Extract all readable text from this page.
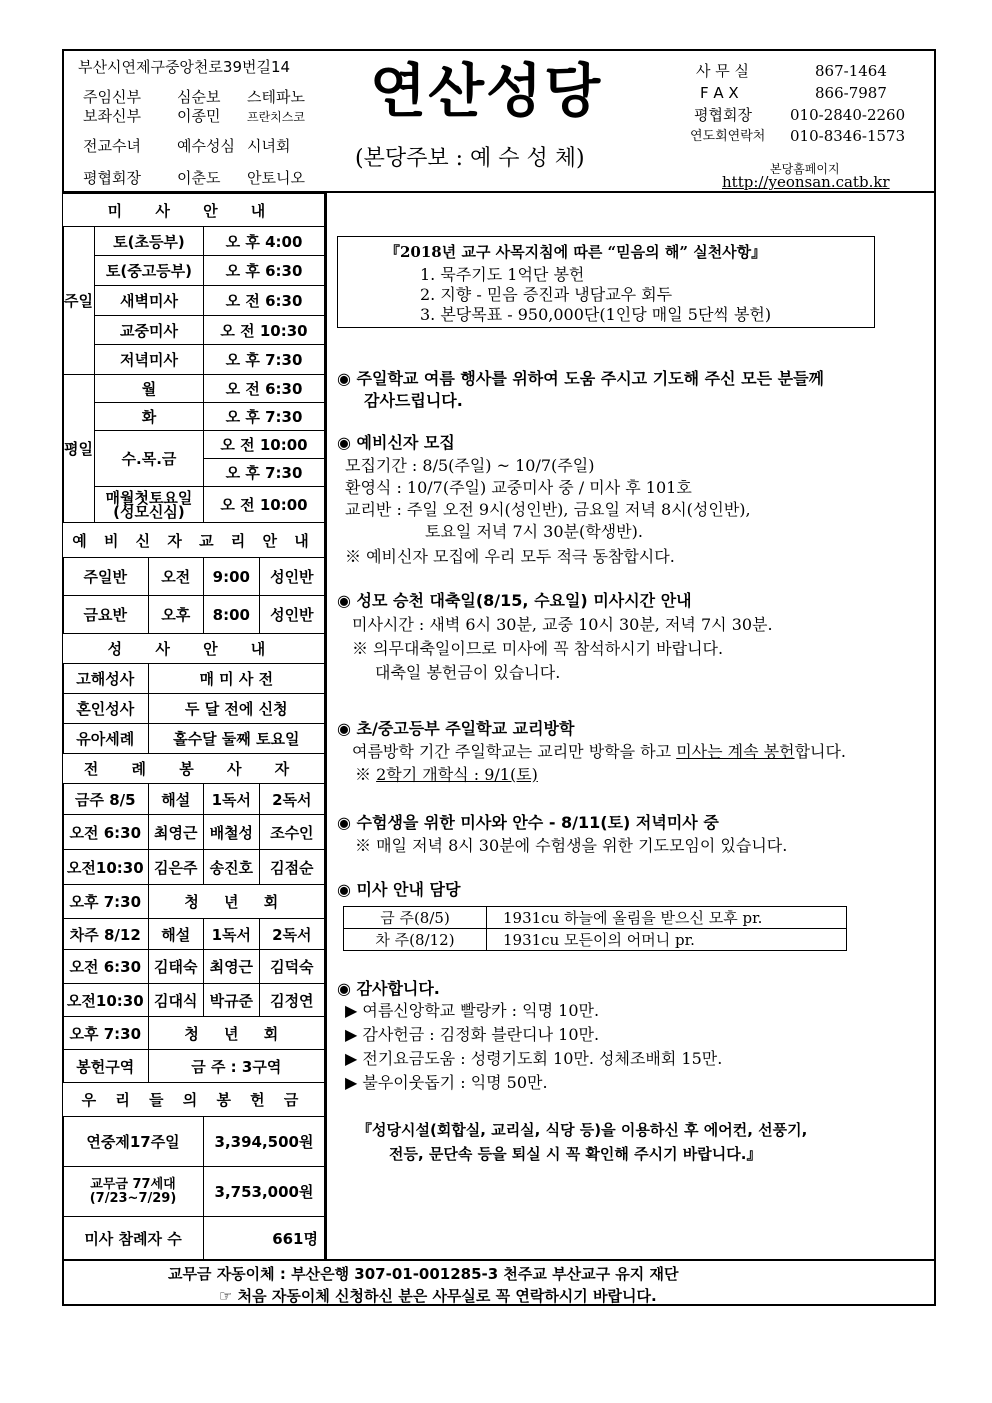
부산시연제구중앙천로39번길14
주임신부 심순보 스테파노
보좌신부 이종민 프란치스코
전교수녀 예수성심 시녀회
평협회장 이춘도 안토니오
연산성당
(본당주보 : 예 수 성 체)
사 무 실	867-1464
F A X	866-7987
평협회장	010-2840-2260
연도회연락처 010-8346-1573
본당홈페이지
http://yeonsan.catb.kr
미 사 안 내				
주일	토(초등부)		오 후 4:00	
	토(중고등부)		오 후 6:30	
	새벽미사		오 전 6:30	
	교중미사		오 전 10:30	
	저녁미사		오 후 7:30	
평일	월		오 전 6:30	
	화		오 후 7:30	
	수.목.금		오 전 10:00	
			오 후 7:30	
	매월첫토요일
(성모신심)		오 전 10:00	
예 비 신 자 교 리 안 내				
주일반		오전	9:00	성인반
금요반		오후	8:00	성인반
성 사 안 내				
고해성사		매 미 사 전		
혼인성사		두 달 전에 신청		
유아세례		홀수달 둘째 토요일		
전 례 봉 사 자				
금주 8/5		해설	1독서	2독서
오전 6:30		최영근	배철성	조수인
오전10:30		김은주	송진호	김점순
오후 7:30		청 년 회		
차주 8/12		해설	1독서	2독서
오전 6:30		김태숙	최영근	김덕숙
오전10:30		김대식	박규준	김정연
오후 7:30		청 년 회		
봉헌구역		금 주 : 3구역		
우 리 들 의 봉 헌 금				
연중제17주일			3,394,500원	
교무금 77세대
(7/23~7/29)			3,753,000원	
미사 참례자 수			661명	
『2018년 교구 사목지침에 따른 “믿음의 해” 실천사항』
1. 묵주기도 1억단 봉헌
2. 지향 - 믿음 증진과 냉담교우 회두
3. 본당목표 - 950,000단(1인당 매일 5단씩 봉헌)
◉ 주일학교 여름 행사를 위하여 도움 주시고 기도해 주신 모든 분들께
감사드립니다.
◉ 예비신자 모집
모집기간 : 8/5(주일) ~ 10/7(주일)
환영식 : 10/7(주일) 교중미사 중 / 미사 후 101호
교리반 : 주일 오전 9시(성인반), 금요일 저녁 8시(성인반),
토요일 저녁 7시 30분(학생반).
※ 예비신자 모집에 우리 모두 적극 동참합시다.
◉ 성모 승천 대축일(8/15, 수요일) 미사시간 안내
미사시간 : 새벽 6시 30분, 교중 10시 30분, 저녁 7시 30분.
※ 의무대축일이므로 미사에 꼭 참석하시기 바랍니다.
대축일 봉헌금이 있습니다.
◉ 초/중고등부 주일학교 교리방학
여름방학 기간 주일학교는 교리만 방학을 하고 미사는 계속 봉헌합니다.
※ 2학기 개학식 : 9/1(토)
◉ 수험생을 위한 미사와 안수 - 8/11(토) 저녁미사 중
※ 매일 저녁 8시 30분에 수험생을 위한 기도모임이 있습니다.
◉ 미사 안내 담당
금 주(8/5)	1931cu 하늘에 올림을 받으신 모후 pr.
차 주(8/12)	1931cu 모든이의 어머니 pr.
◉ 감사합니다.
▶ 여름신앙학교 빨랑카 : 익명 10만.
▶ 감사헌금 : 김정화 블란디나 10만.
▶ 전기요금도움 : 성령기도회 10만. 성체조배회 15만.
▶ 불우이웃돕기 : 익명 50만.
『성당시설(회합실, 교리실, 식당 등)을 이용하신 후 에어컨, 선풍기,
전등, 문단속 등을 퇴실 시 꼭 확인해 주시기 바랍니다.』
교무금 자동이체 : 부산은행 307-01-001285-3 천주교 부산교구 유지 재단
☞ 처음 자동이체 신청하신 분은 사무실로 꼭 연락하시기 바랍니다.
